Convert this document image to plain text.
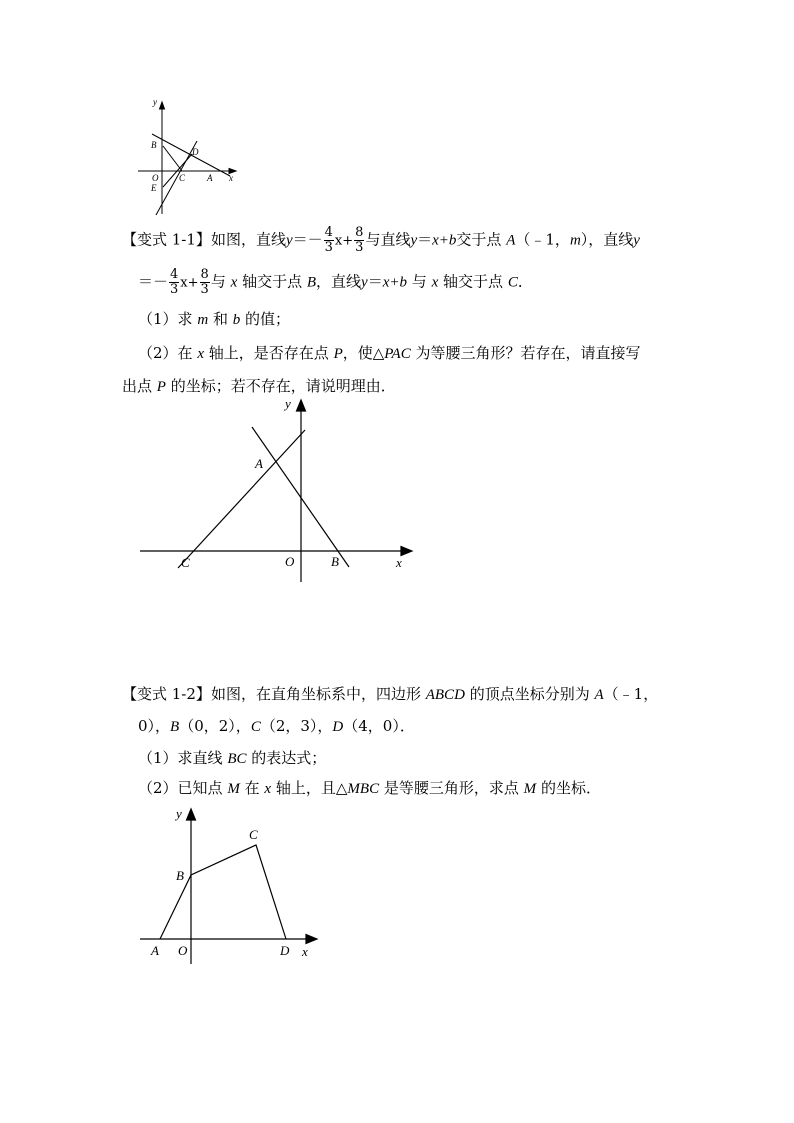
y
B
D
O C A x
E
【变式 1-1】如图，直线$y=- \frac{4}{3} x+ \frac{8}{3}$ 与直线y＝x+b交于点 A（﹣1，m），直线y
＝－ $\frac{4}{3} x+ \frac{8}{3}$ 与 x 轴交于点 B，直线y＝x+b 与 x 轴交于点 C．
（1）求 m 和 b 的值；
（2）在 x 轴上，是否存在点 P，使△PAC 为等腰三角形？若存在，请直接写
出点 P 的坐标；若不存在，请说明理由．
y
A
C	O	B	x
【变式 1-2】如图，在直角坐标系中，四边形 ABCD 的顶点坐标分别为 A（﹣1，
0），B（0，2），C（2，3），D（4，0）．
（1）求直线 BC 的表达式；
（2）已知点 M 在 x 轴上，且△MBC 是等腰三角形，求点 M 的坐标．
y
C
B
A O	D x
